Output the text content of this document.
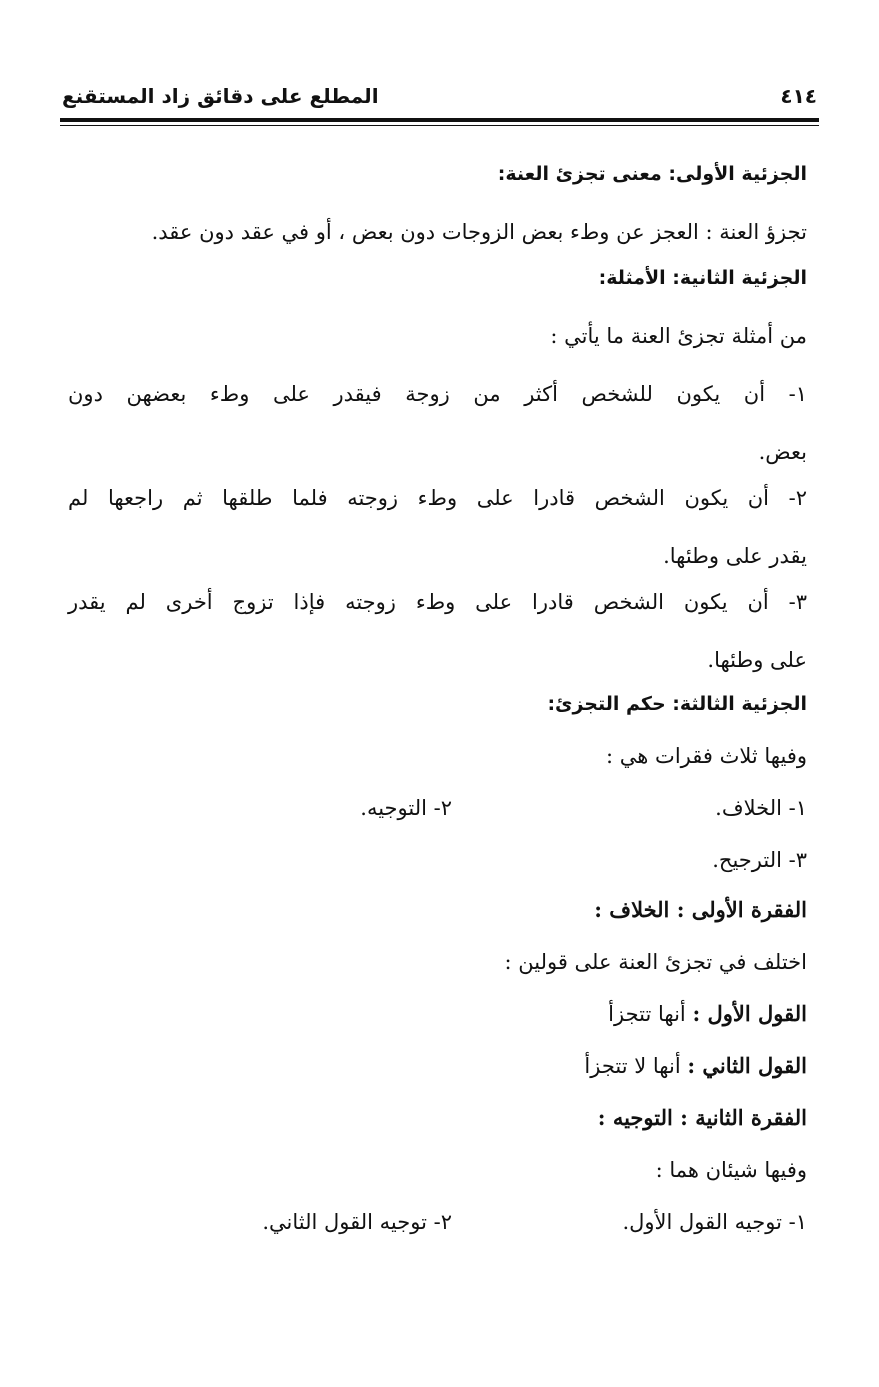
٤١٤
المطلع على دقائق زاد المستقنع
الجزئية الأولى: معنى تجزئ العنة:
تجزؤ العنة : العجز عن وطء بعض الزوجات دون بعض ، أو في عقد دون عقد.
الجزئية الثانية: الأمثلة:
من أمثلة تجزئ العنة ما يأتي :
١- أن يكون للشخص أكثر من زوجة فيقدر على وطء بعضهن دون
بعض.
٢- أن يكون الشخص قادرا على وطء زوجته فلما طلقها ثم راجعها لم
يقدر على وطئها.
٣- أن يكون الشخص قادرا على وطء زوجته فإذا تزوج أخرى لم يقدر
على وطئها.
الجزئية الثالثة: حكم التجزئ:
وفيها ثلاث فقرات هي :
١- الخلاف.
٢- التوجيه.
٣- الترجيح.
الفقرة الأولى : الخلاف :
اختلف في تجزئ العنة على قولين :
القول الأول : أنها تتجزأ
القول الثاني : أنها لا تتجزأ
الفقرة الثانية : التوجيه :
وفيها شيئان هما :
١- توجيه القول الأول.
٢- توجيه القول الثاني.
